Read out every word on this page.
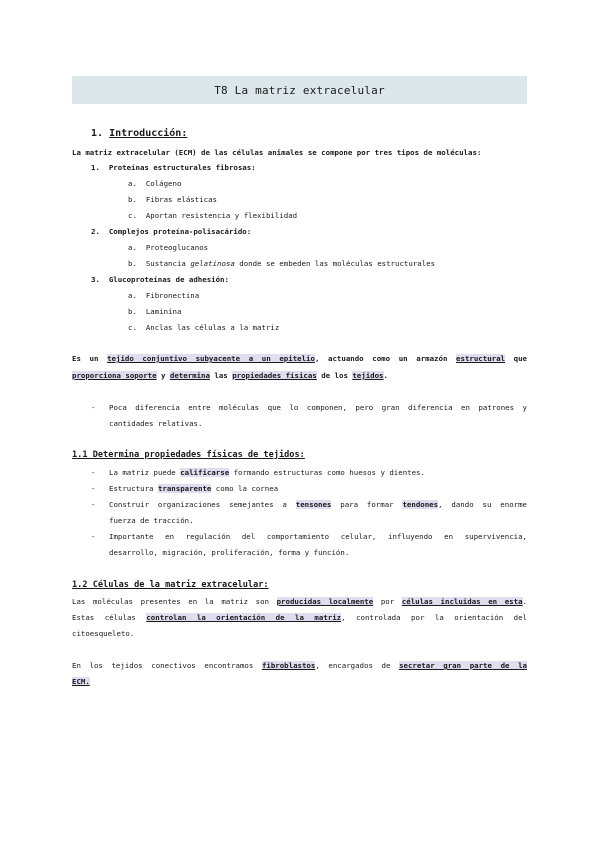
T8 La matriz extracelular
1. Introducción:
La matriz extracelular (ECM) de las células animales se compone por tres tipos de moléculas:
1. Proteínas estructurales fibrosas:
a. Colágeno
b. Fibras elásticas
c. Aportan resistencia y flexibilidad
2. Complejos proteína-polisacárido:
a. Proteoglucanos
b. Sustancia gelatinosa donde se embeden las moléculas estructurales
3. Glucoproteínas de adhesión:
a. Fibronectina
b. Laminina
c. Anclas las células a la matriz
Es un tejido conjuntivo subyacente a un epitelio, actuando como un armazón estructural que
proporciona soporte y determina las propiedades físicas de los tejidos.
- Poca diferencia entre moléculas que lo componen, pero gran diferencia en patrones y
cantidades relativas.
1.1 Determina propiedades físicas de tejidos:
- La matriz puede calificarse formando estructuras como huesos y dientes.
- Estructura transparente como la cornea
- Construir organizaciones semejantes a tensones para formar tendones, dando su enorme
fuerza de tracción.
- Importante en regulación del comportamiento celular, influyendo en supervivencia,
desarrollo, migración, proliferación, forma y función.
1.2 Células de la matriz extracelular:
Las moléculas presentes en la matriz son producidas localmente por células incluidas en esta.
Estas células controlan la orientación de la matriz, controlada por la orientación del
citoesqueleto.
En los tejidos conectivos encontramos fibroblastos, encargados de secretar gran parte de la
ECM.
